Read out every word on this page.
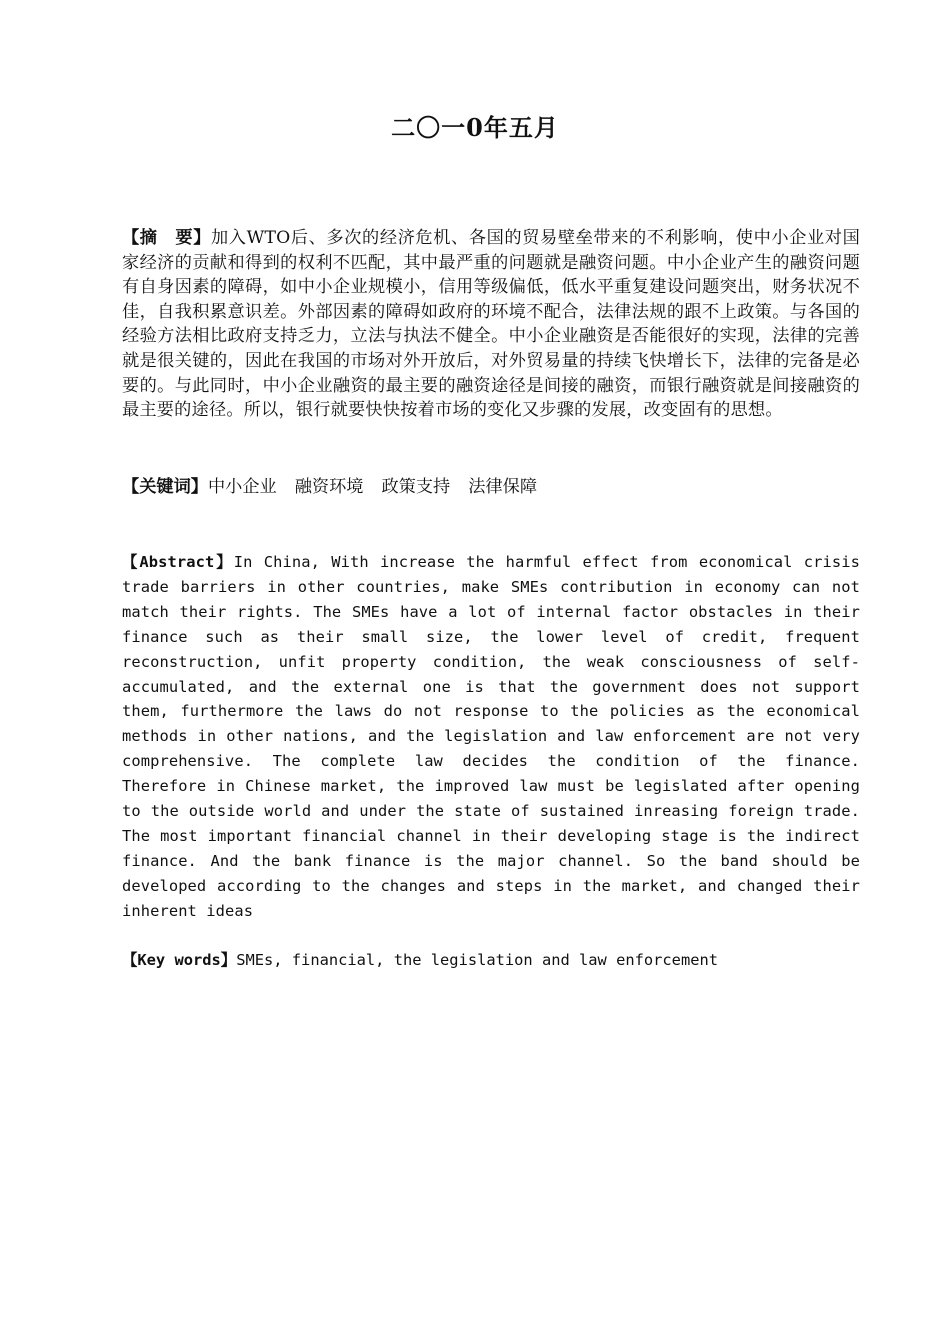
二〇一0年五月
【摘　要】加入WTO后、多次的经济危机、各国的贸易壁垒带来的不利影响，使中小企业对国家经济的贡献和得到的权利不匹配，其中最严重的问题就是融资问题。中小企业产生的融资问题有自身因素的障碍，如中小企业规模小，信用等级偏低，低水平重复建设问题突出，财务状况不佳，自我积累意识差。外部因素的障碍如政府的环境不配合，法律法规的跟不上政策。与各国的经验方法相比政府支持乏力，立法与执法不健全。中小企业融资是否能很好的实现，法律的完善就是很关键的，因此在我国的市场对外开放后，对外贸易量的持续飞快增长下，法律的完备是必要的。与此同时，中小企业融资的最主要的融资途径是间接的融资，而银行融资就是间接融资的最主要的途径。所以，银行就要快快按着市场的变化又步骤的发展，改变固有的思想。
【关键词】中小企业 融资环境 政策支持 法律保障
【Abstract】In China, With increase the harmful effect from economical crisis trade barriers in other countries, make SMEs contribution in economy can not match their rights. The SMEs have a lot of internal factor obstacles in their finance such as their small size, the lower level of credit, frequent reconstruction, unfit property condition, the weak consciousness of self-accumulated, and the external one is that the government does not support them, furthermore the laws do not response to the policies as the economical methods in other nations, and the legislation and law enforcement are not very comprehensive. The complete law decides the condition of the finance. Therefore in Chinese market, the improved law must be legislated after opening to the outside world and under the state of sustained inreasing foreign trade. The most important financial channel in their developing stage is the indirect finance. And the bank finance is the major channel. So the band should be developed according to the changes and steps in the market, and changed their inherent ideas
【Key words】SMEs, financial, the legislation and law enforcement
